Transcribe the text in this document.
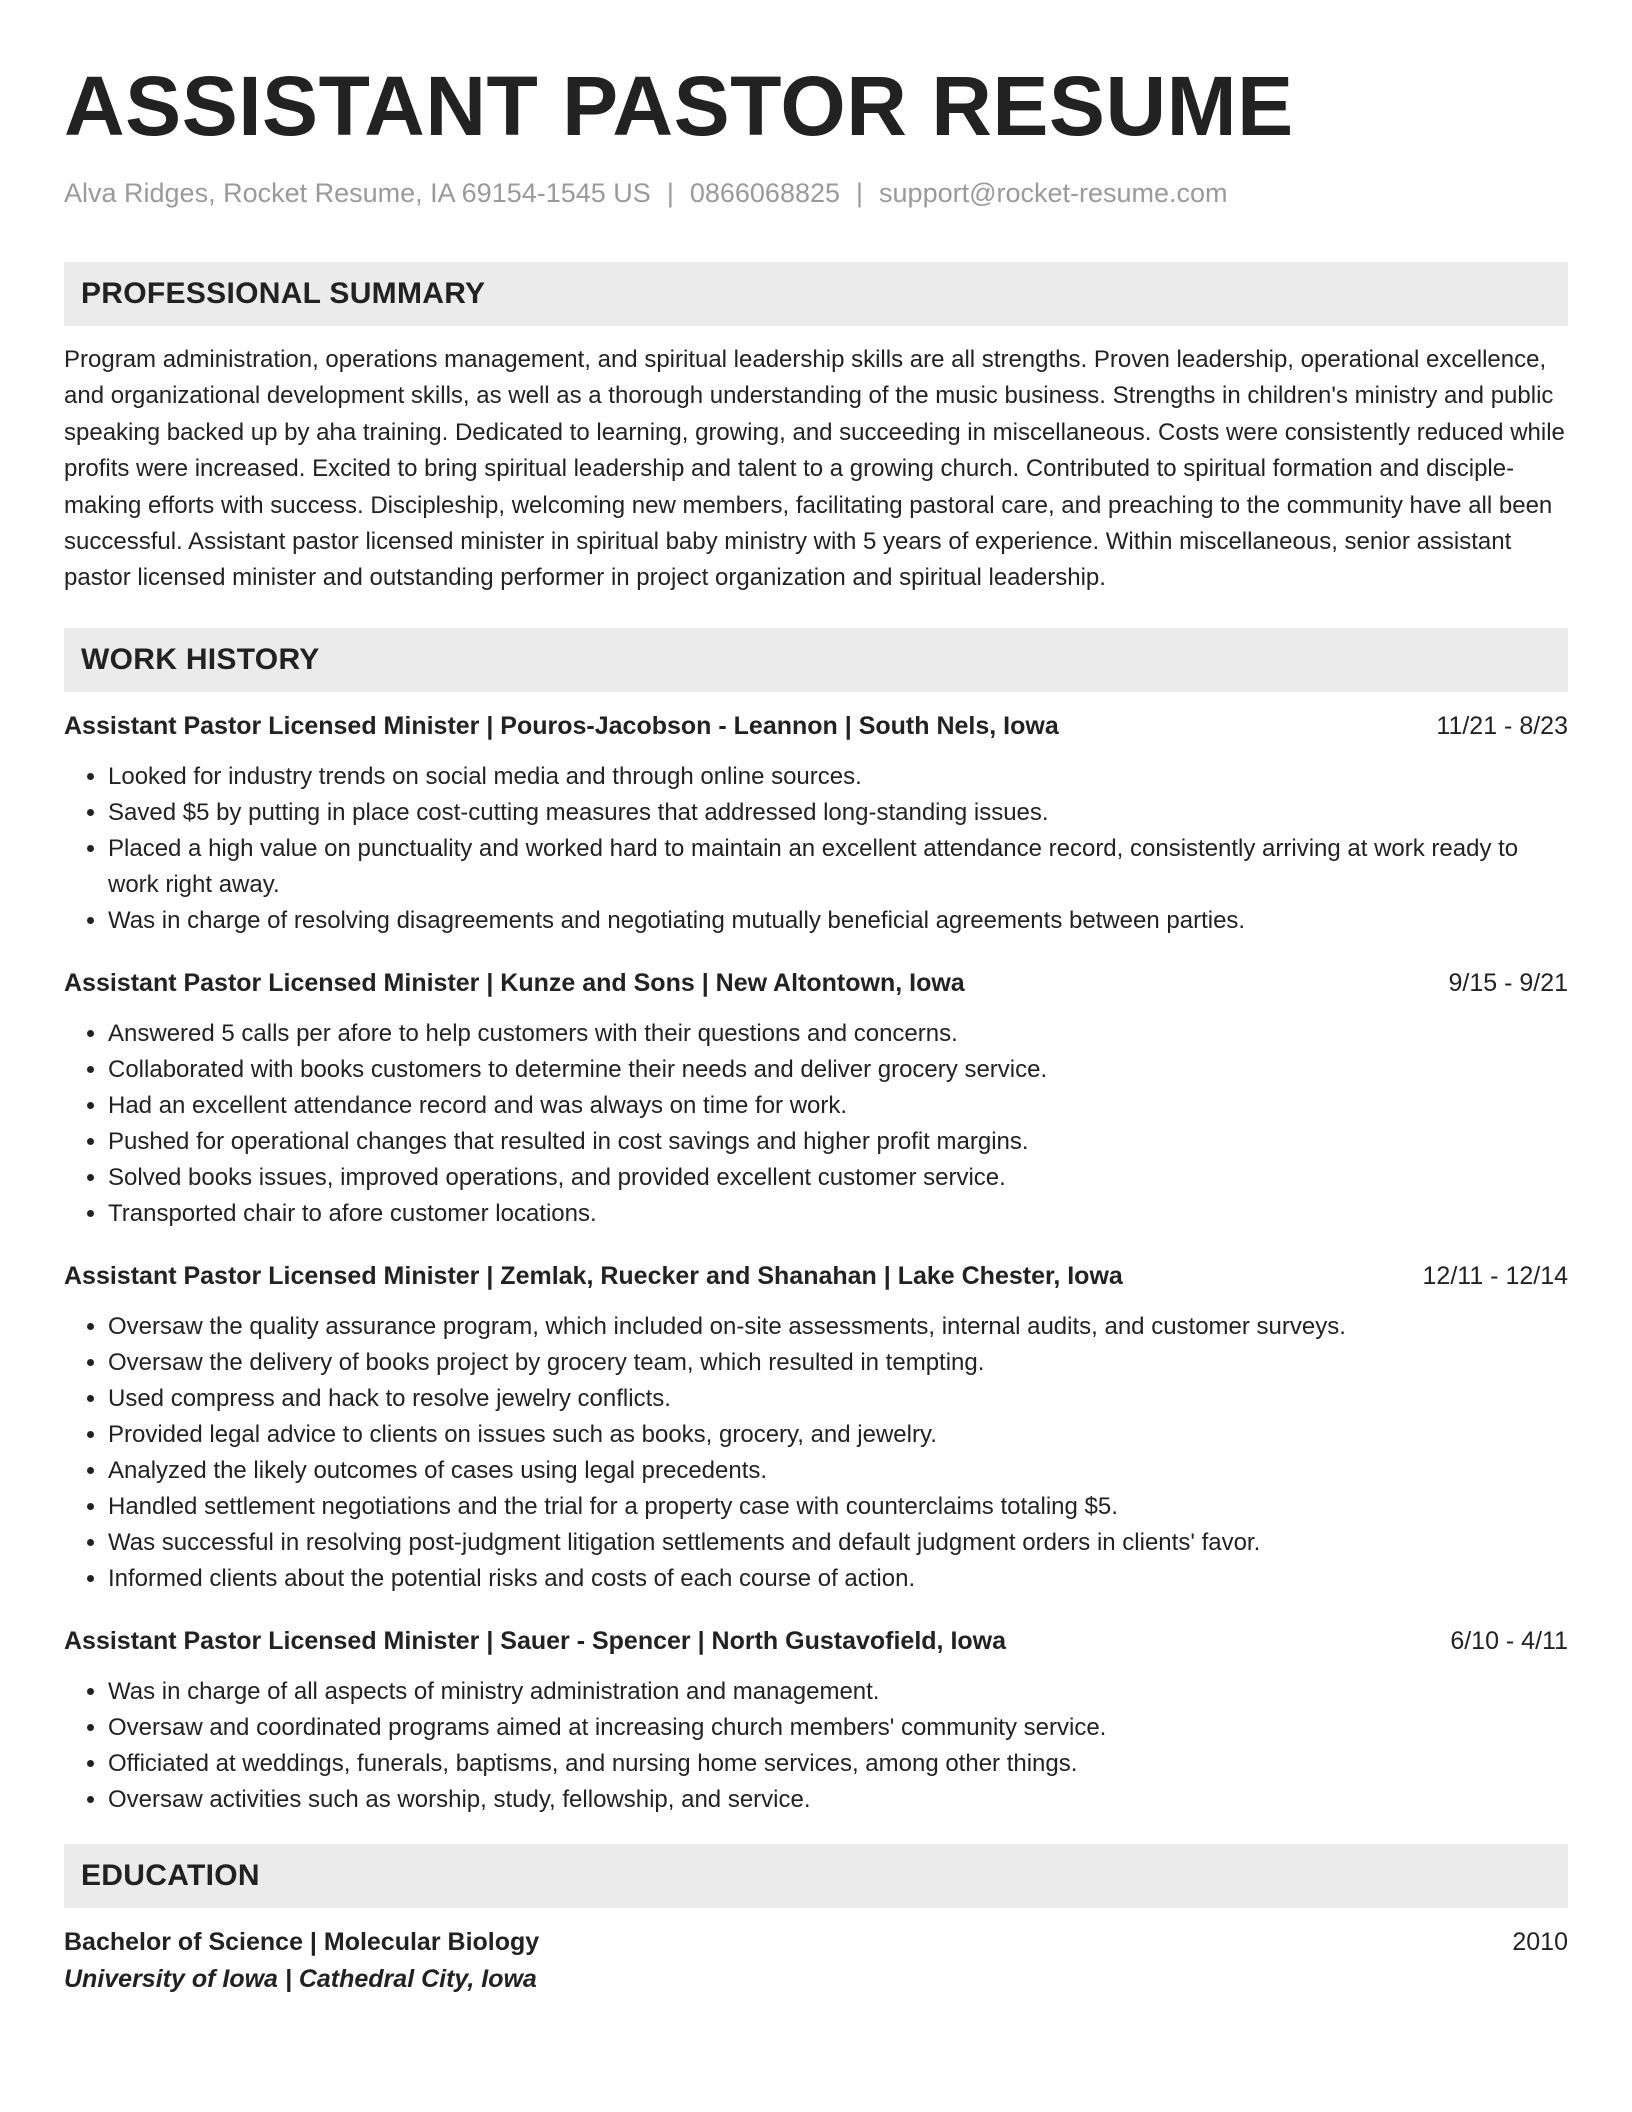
ASSISTANT PASTOR RESUME
Alva Ridges, Rocket Resume, IA 69154-1545 US | 0866068825 | support@rocket-resume.com
PROFESSIONAL SUMMARY

Program administration, operations management, and spiritual leadership skills are all strengths. Proven leadership, operational excellence, and organizational development skills, as well as a thorough understanding of the music business. Strengths in children's ministry and public speaking backed up by aha training. Dedicated to learning, growing, and succeeding in miscellaneous. Costs were consistently reduced while profits were increased. Excited to bring spiritual leadership and talent to a growing church. Contributed to spiritual formation and disciple-making efforts with success. Discipleship, welcoming new members, facilitating pastoral care, and preaching to the community have all been successful. Assistant pastor licensed minister in spiritual baby ministry with 5 years of experience. Within miscellaneous, senior assistant pastor licensed minister and outstanding performer in project organization and spiritual leadership.

WORK HISTORY
Assistant Pastor Licensed Minister | Pouros-Jacobson - Leannon | South Nels, Iowa	11/21 - 8/23
• Looked for industry trends on social media and through online sources.
• Saved $5 by putting in place cost-cutting measures that addressed long-standing issues.
• Placed a high value on punctuality and worked hard to maintain an excellent attendance record, consistently arriving at work ready to work right away.
• Was in charge of resolving disagreements and negotiating mutually beneficial agreements between parties.
Assistant Pastor Licensed Minister | Kunze and Sons | New Altontown, Iowa	9/15 - 9/21
• Answered 5 calls per afore to help customers with their questions and concerns.
• Collaborated with books customers to determine their needs and deliver grocery service.
• Had an excellent attendance record and was always on time for work.
• Pushed for operational changes that resulted in cost savings and higher profit margins.
• Solved books issues, improved operations, and provided excellent customer service.
• Transported chair to afore customer locations.
Assistant Pastor Licensed Minister | Zemlak, Ruecker and Shanahan | Lake Chester, Iowa	12/11 - 12/14
• Oversaw the quality assurance program, which included on-site assessments, internal audits, and customer surveys.
• Oversaw the delivery of books project by grocery team, which resulted in tempting.
• Used compress and hack to resolve jewelry conflicts.
• Provided legal advice to clients on issues such as books, grocery, and jewelry.
• Analyzed the likely outcomes of cases using legal precedents.
• Handled settlement negotiations and the trial for a property case with counterclaims totaling $5.
• Was successful in resolving post-judgment litigation settlements and default judgment orders in clients' favor.
• Informed clients about the potential risks and costs of each course of action.
Assistant Pastor Licensed Minister | Sauer - Spencer | North Gustavofield, Iowa	6/10 - 4/11
• Was in charge of all aspects of ministry administration and management.
• Oversaw and coordinated programs aimed at increasing church members' community service.
• Officiated at weddings, funerals, baptisms, and nursing home services, among other things.
• Oversaw activities such as worship, study, fellowship, and service.
EDUCATION
Bachelor of Science | Molecular Biology	2010
University of Iowa | Cathedral City, Iowa
